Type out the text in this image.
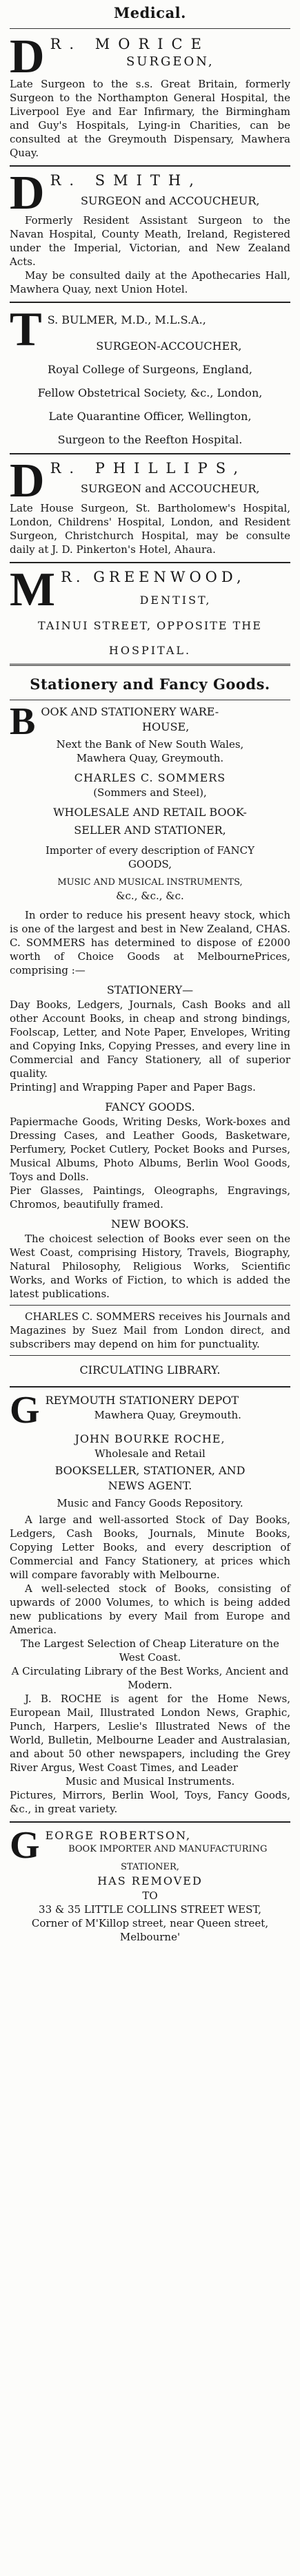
Medical.
D R. MORICE
SURGEON,
Late Surgeon to the s.s. Great Britain, formerly Surgeon to the Northampton General Hospital, the Liverpool Eye and Ear Infirmary, the Birmingham and Guy's Hospitals, Lying-in Charities, can be consulted at the Greymouth Dispensary, Mawhera Quay.
D R. SMITH,
SURGEON and ACCOUCHEUR,
Formerly Resident Assistant Surgeon to the Navan Hospital, County Meath, Ireland, Registered under the Imperial, Victorian, and New Zealand Acts.
May be consulted daily at the Apothecaries Hall, Mawhera Quay, next Union Hotel.
T S. BULMER, M.D., M.L.S.A.,
SURGEON-ACCOUCHER,
Royal College of Surgeons, England,
Fellow Obstetrical Society, &c., London,
Late Quarantine Officer, Wellington,
Surgeon to the Reefton Hospital.
D R. PHILLIPS,
SURGEON and ACCOUCHEUR,
Late House Surgeon, St. Bartholomew's Hospital, London, Childrens' Hospital, London, and Resident Surgeon, Christchurch Hospital, may be consulte daily at J. D. Pinkerton's Hotel, Ahaura.
M R. GREENWOOD,
DENTIST,
TAINUI STREET, OPPOSITE THE
HOSPITAL.
Stationery and Fancy Goods.
B OOK AND STATIONERY WARE-
HOUSE,
Next the Bank of New South Wales,
Mawhera Quay, Greymouth.
CHARLES C. SOMMERS
(Sommers and Steel),
WHOLESALE AND RETAIL BOOK-
SELLER AND STATIONER,
Importer of every description of FANCY
GOODS,
MUSIC AND MUSICAL INSTRUMENTS,
&c., &c., &c.
In order to reduce his present heavy stock, which is one of the largest and best in New Zealand, CHAS. C. SOMMERS has determined to dispose of £2000 worth of Choice Goods at MelbournePrices, comprising :—
STATIONERY—
Day Books, Ledgers, Journals, Cash Books and all other Account Books, in cheap and strong bindings, Foolscap, Letter, and Note Paper, Envelopes, Writing and Copying Inks, Copying Presses, and every line in Commercial and Fancy Stationery, all of superior quality.
Printing] and Wrapping Paper and Paper Bags.
FANCY GOODS.
Papiermache Goods, Writing Desks, Work-boxes and Dressing Cases, and Leather Goods, Basketware, Perfumery, Pocket Cutlery, Pocket Books and Purses, Musical Albums, Photo Albums, Berlin Wool Goods, Toys and Dolls.
Pier Glasses, Paintings, Oleographs, Engravings, Chromos, beautifully framed.
NEW BOOKS.
The choicest selection of Books ever seen on the West Coast, comprising History, Travels, Biography, Natural Philosophy, Religious Works, Scientific Works, and Works of Fiction, to which is added the latest publications.
CHARLES C. SOMMERS receives his Journals and Magazines by Suez Mail from London direct, and subscribers may depend on him for punctuality.
CIRCULATING LIBRARY.
G REYMOUTH STATIONERY DEPOT
Mawhera Quay, Greymouth.
JOHN BOURKE ROCHE,
Wholesale and Retail
BOOKSELLER, STATIONER, AND
NEWS AGENT.
Music and Fancy Goods Repository.
A large and well-assorted Stock of Day Books, Ledgers, Cash Books, Journals, Minute Books, Copying Letter Books, and every description of Commercial and Fancy Stationery, at prices which will compare favorably with Melbourne.
A well-selected stock of Books, consisting of upwards of 2000 Volumes, to which is being added new publications by every Mail from Europe and America.
The Largest Selection of Cheap Literature on the West Coast.
A Circulating Library of the Best Works, Ancient and Modern.
J. B. ROCHE is agent for the Home News, European Mail, Illustrated London News, Graphic, Punch, Harpers, Leslie's Illustrated News of the World, Bulletin, Melbourne Leader and Australasian, and about 50 other newspapers, including the Grey River Argus, West Coast Times, and Leader
Music and Musical Instruments.
Pictures, Mirrors, Berlin Wool, Toys, Fancy Goods, &c., in great variety.
G EORGE ROBERTSON,
BOOK IMPORTER AND MANUFACTURING
STATIONER,
HAS REMOVED
TO
33 & 35 LITTLE COLLINS STREET WEST,
Corner of M'Killop street, near Queen street,
Melbourne'
